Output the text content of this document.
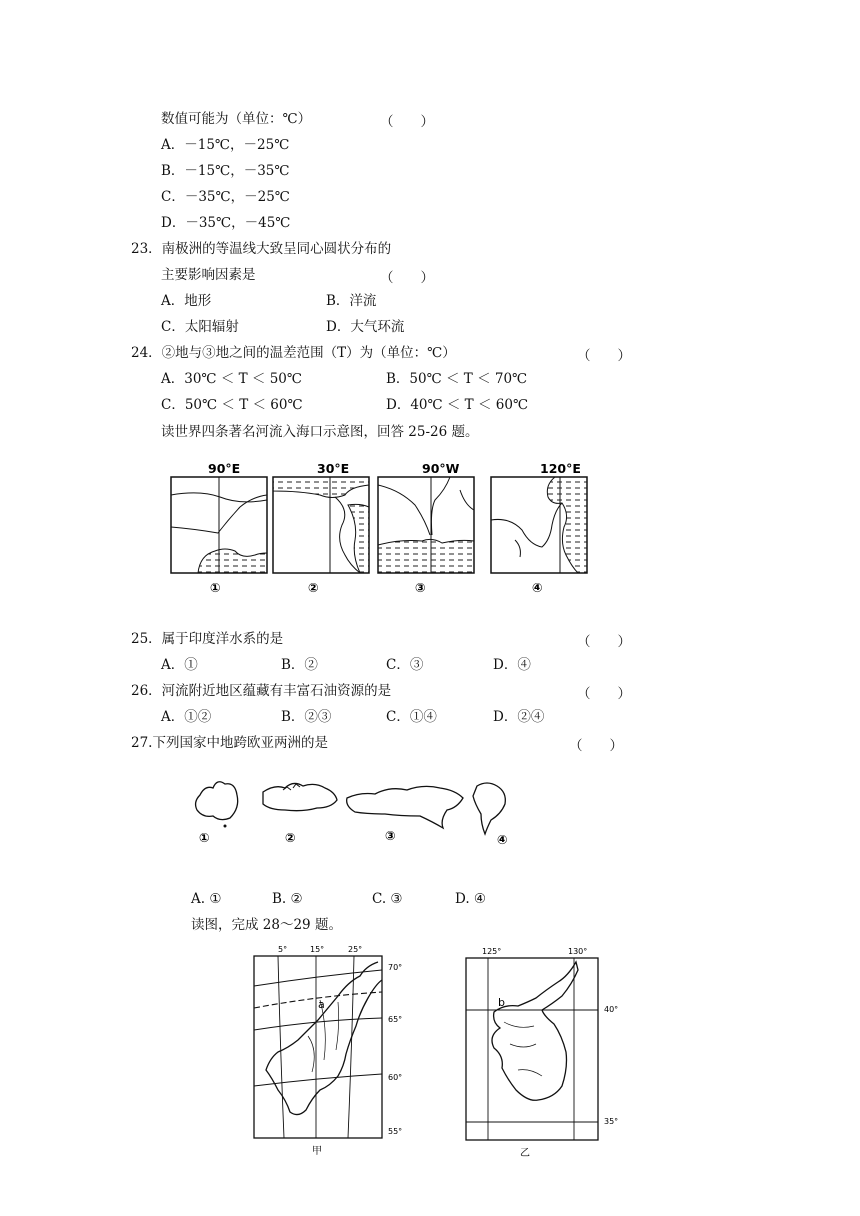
数值可能为（单位：℃）	（　　）
A．－15℃，－25℃
B．－15℃，－35℃
C．－35℃，－25℃
D．－35℃，－45℃
23．南极洲的等温线大致呈同心圆状分布的
主要影响因素是	（　　）
A．地形	B．洋流
C．太阳辐射	D．大气环流
24．②地与③地之间的温差范围（T）为（单位：℃）	（　　）
A．30℃ ＜ T ＜ 50℃	B．50℃ ＜ T ＜ 70℃
C．50℃ ＜ T ＜ 60℃	D．40℃ ＜ T ＜ 60℃
读世界四条著名河流入海口示意图，回答 25-26 题。
90°E
①
30°E
②
90°W
③
120°E
④
25．属于印度洋水系的是	（　　）
A．①	B．②	C．③	D．④
26．河流附近地区蕴藏有丰富石油资源的是	（　　）
A．①②	B．②③	C．①④	D．②④
27.下列国家中地跨欧亚两洲的是	（　　）
①	②	③	④
A. ①	B. ②	C. ③	D. ④
读图，完成 28～29 题。
5°	15°	25°
a
70°
65°
60°
55°
甲
125°	130°
b
40°
35°
乙
